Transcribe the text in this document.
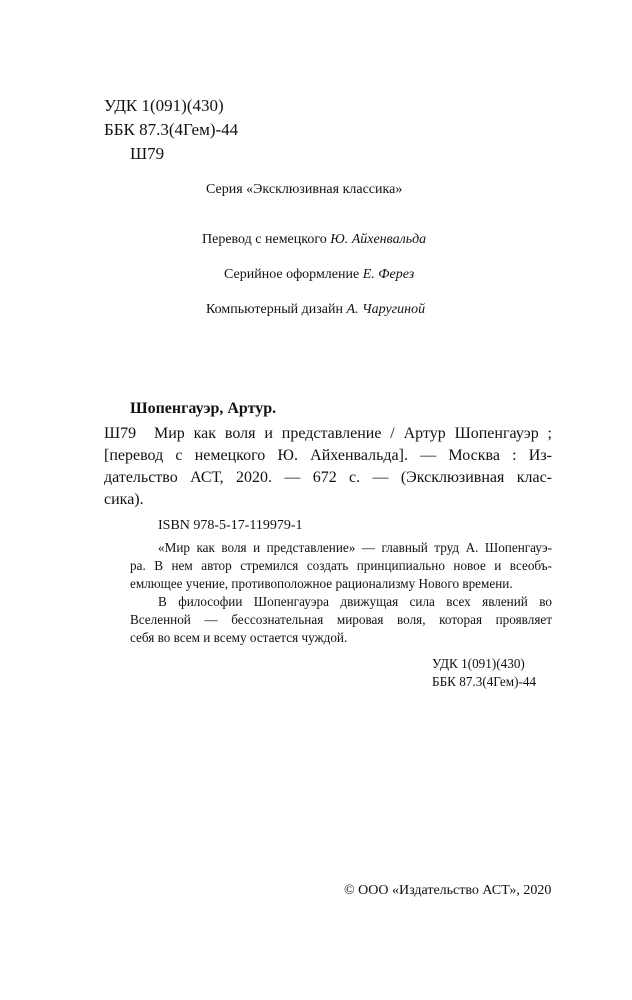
УДК 1(091)(430)
ББК 87.3(4Гем)-44
Ш79
Серия «Эксклюзивная классика»
Перевод с немецкого Ю. Айхенвальда
Серийное оформление Е. Ферез
Компьютерный дизайн А. Чаругиной
Шопенгауэр, Артур.
Ш79 Мир как воля и представление / Артур Шопенгауэр ;
[перевод с немецкого Ю. Айхенвальда]. — Москва : Из-
дательство АСТ, 2020. — 672 с. — (Эксклюзивная клас-
сика).
ISBN 978-5-17-119979-1
«Мир как воля и представление» — главный труд А. Шопенгауэ-
ра. В нем автор стремился создать принципиально новое и всеобъ-
емлющее учение, противоположное рационализму Нового времени.
В философии Шопенгауэра движущая сила всех явлений во
Вселенной — бессознательная мировая воля, которая проявляет
себя во всем и всему остается чуждой.
УДК 1(091)(430)
ББК 87.3(4Гем)-44
© ООО «Издательство АСТ», 2020
